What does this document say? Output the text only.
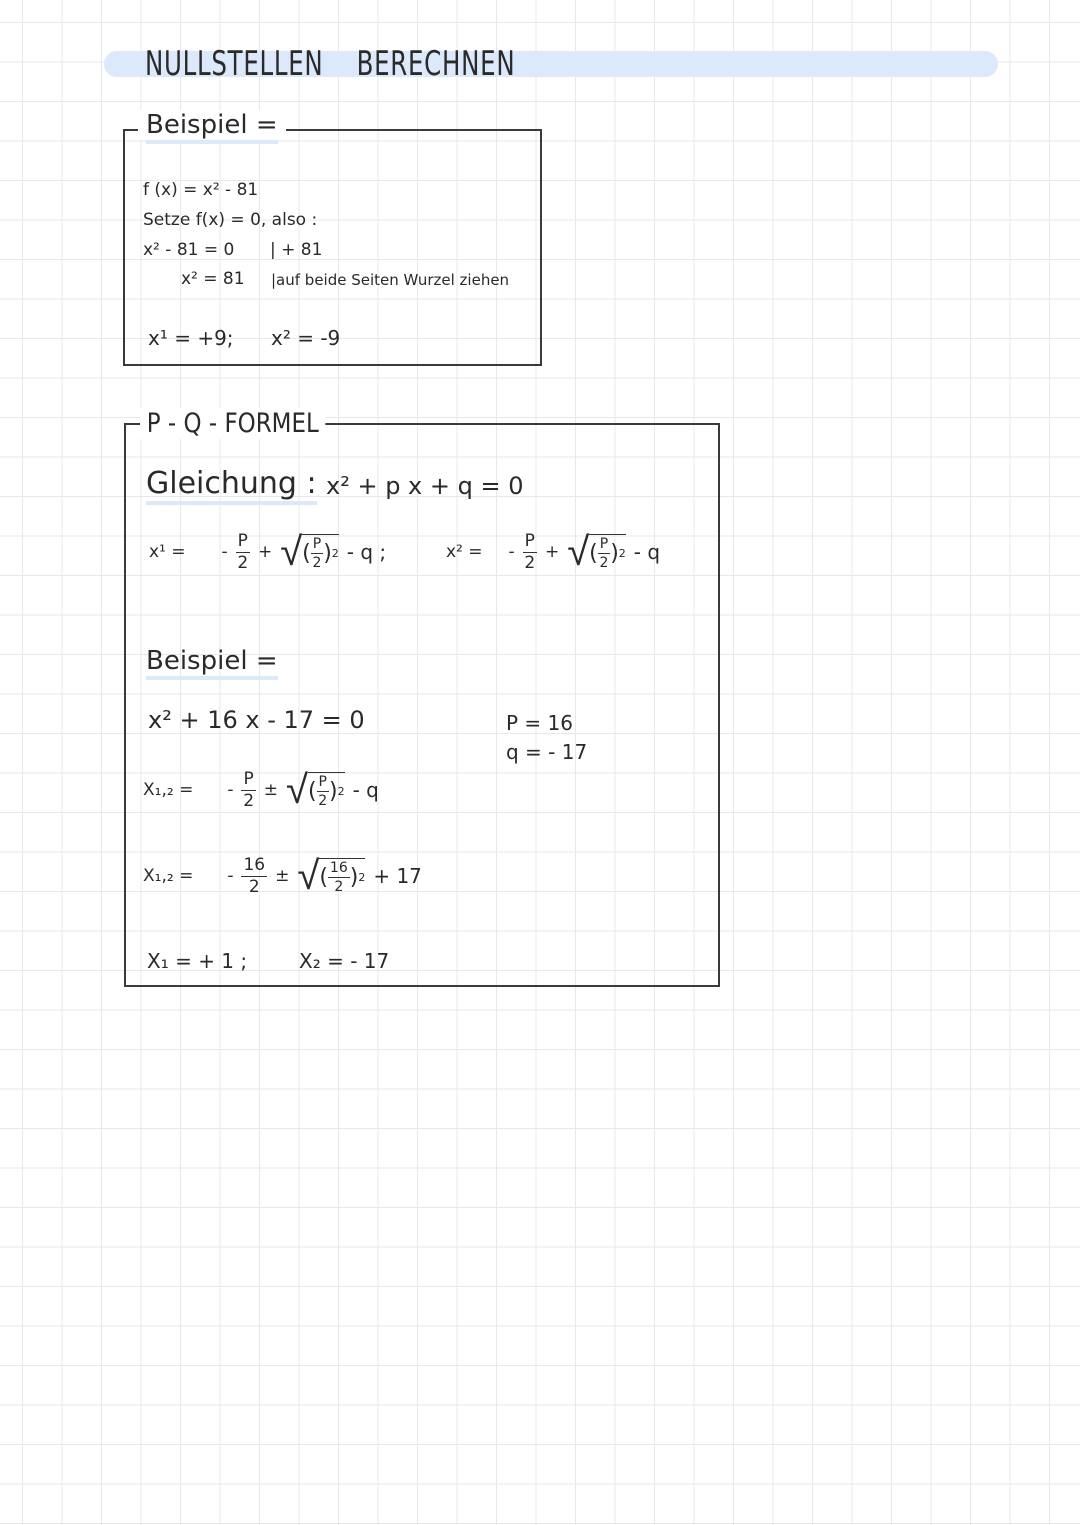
NULLSTELLEN BERECHNEN
Beispiel =
f (x) = x² - 81
Setze f(x) = 0, also :
x² - 81 = 0 | + 81
x² = 81 |auf beide Seiten Wurzel ziehen
x¹ = +9; x² = -9
P - Q - FORMEL
Gleichung : x² + p x + q = 0
x¹ = - $\frac{P}{2}$ + √ ( $\frac{P}{2}$ ) 2 - q ;	x² = - $\frac{P}{2}$ + √ ( $\frac{P}{2}$ ) 2 - q
Beispiel =
x² + 16 x - 17 = 0	P = 16
q = - 17
X₁,₂ = - $\frac{P}{2}$ ± √ ( $\frac{P}{2}$ ) 2 - q
X₁,₂ = - $\frac{16}{2}$ ± √ ( $\frac{16}{2}$ ) 2 + 17
X₁ = + 1 ;	X₂ = - 17
